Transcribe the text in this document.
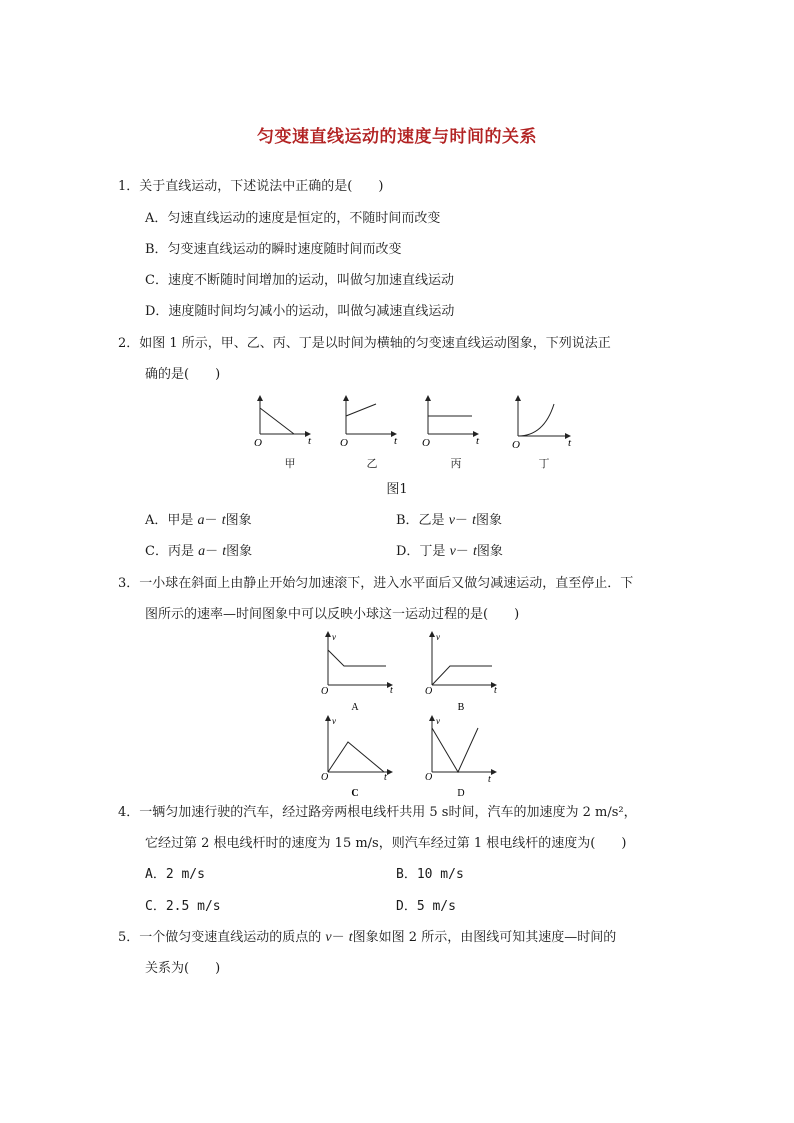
匀变速直线运动的速度与时间的关系
1．关于直线运动，下述说法中正确的是(　　)
A．匀速直线运动的速度是恒定的，不随时间而改变
B．匀变速直线运动的瞬时速度随时间而改变
C．速度不断随时间增加的运动，叫做匀加速直线运动
D．速度随时间均匀减小的运动，叫做匀减速直线运动
2．如图 1 所示，甲、乙、丙、丁是以时间为横轴的匀变速直线运动图象，下列说法正
确的是(　　)
O	t	O	t O	t	O	t
甲	乙	丙	丁
图1
A．甲是 a－ t图象	B．乙是 v－ t图象
C．丙是 a－ t图象	D．丁是 v－ t图象
3．一小球在斜面上由静止开始匀加速滚下，进入水平面后又做匀减速运动，直至停止．下
图所示的速率—时间图象中可以反映小球这一运动过程的是(　　)
v
O	t
A
v
O	t
B
v
O	t
C
v
O	t
D
4．一辆匀加速行驶的汽车，经过路旁两根电线杆共用 5 s时间，汽车的加速度为 2 m/s²，
它经过第 2 根电线杆时的速度为 15 m/s，则汽车经过第 1 根电线杆的速度为(　　)
A．2 m/s	B．10 m/s
C．2.5 m/s	D．5 m/s
5．一个做匀变速直线运动的质点的 v－ t图象如图 2 所示，由图线可知其速度—时间的
关系为(　　)
